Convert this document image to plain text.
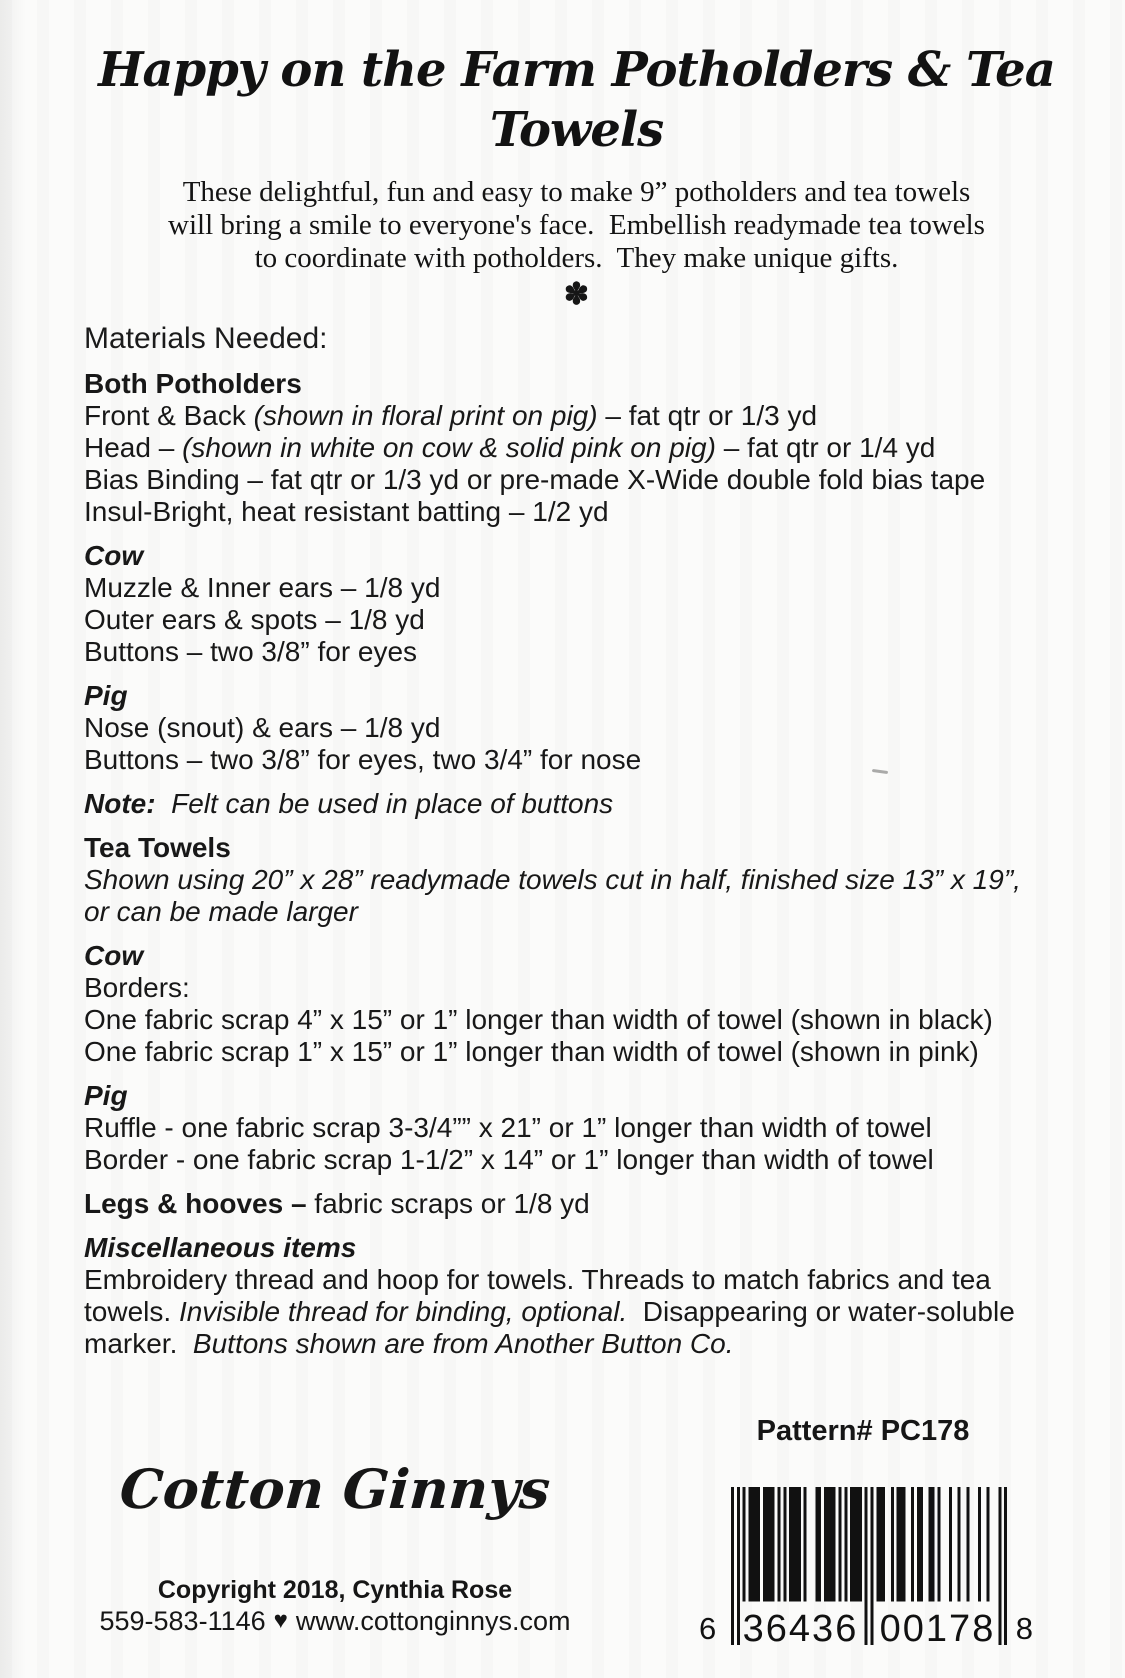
Happy on the Farm Potholders & Tea Towels
These delightful, fun and easy to make 9” potholders and tea towels
will bring a smile to everyone's face.  Embellish readymade tea towels
to coordinate with potholders.  They make unique gifts.
✽
Materials Needed:
Both Potholders
Front & Back (shown in floral print on pig) – fat qtr or 1/3 yd
Head – (shown in white on cow & solid pink on pig) – fat qtr or 1/4 yd
Bias Binding – fat qtr or 1/3 yd or pre-made X-Wide double fold bias tape
Insul-Bright, heat resistant batting – 1/2 yd
Cow
Muzzle & Inner ears – 1/8 yd
Outer ears & spots – 1/8 yd
Buttons – two 3/8” for eyes
Pig
Nose (snout) & ears – 1/8 yd
Buttons – two 3/8” for eyes, two 3/4” for nose
Note:  Felt can be used in place of buttons
Tea Towels
Shown using 20” x 28” readymade towels cut in half, finished size 13” x 19”,
or can be made larger
Cow
Borders:
One fabric scrap 4” x 15” or 1” longer than width of towel (shown in black)
One fabric scrap 1” x 15” or 1” longer than width of towel (shown in pink)
Pig
Ruffle - one fabric scrap 3-3/4”” x 21” or 1” longer than width of towel
Border - one fabric scrap 1-1/2” x 14” or 1” longer than width of towel
Legs & hooves – fabric scraps or 1/8 yd
Miscellaneous items
Embroidery thread and hoop for towels. Threads to match fabrics and tea
towels. Invisible thread for binding, optional.  Disappearing or water-soluble
marker.  Buttons shown are from Another Button Co.
Pattern# PC178
Cotton Ginnys
Copyright 2018, Cynthia Rose
559-583-1146 ♥ www.cottonginnys.com	6 36436 00178 8
